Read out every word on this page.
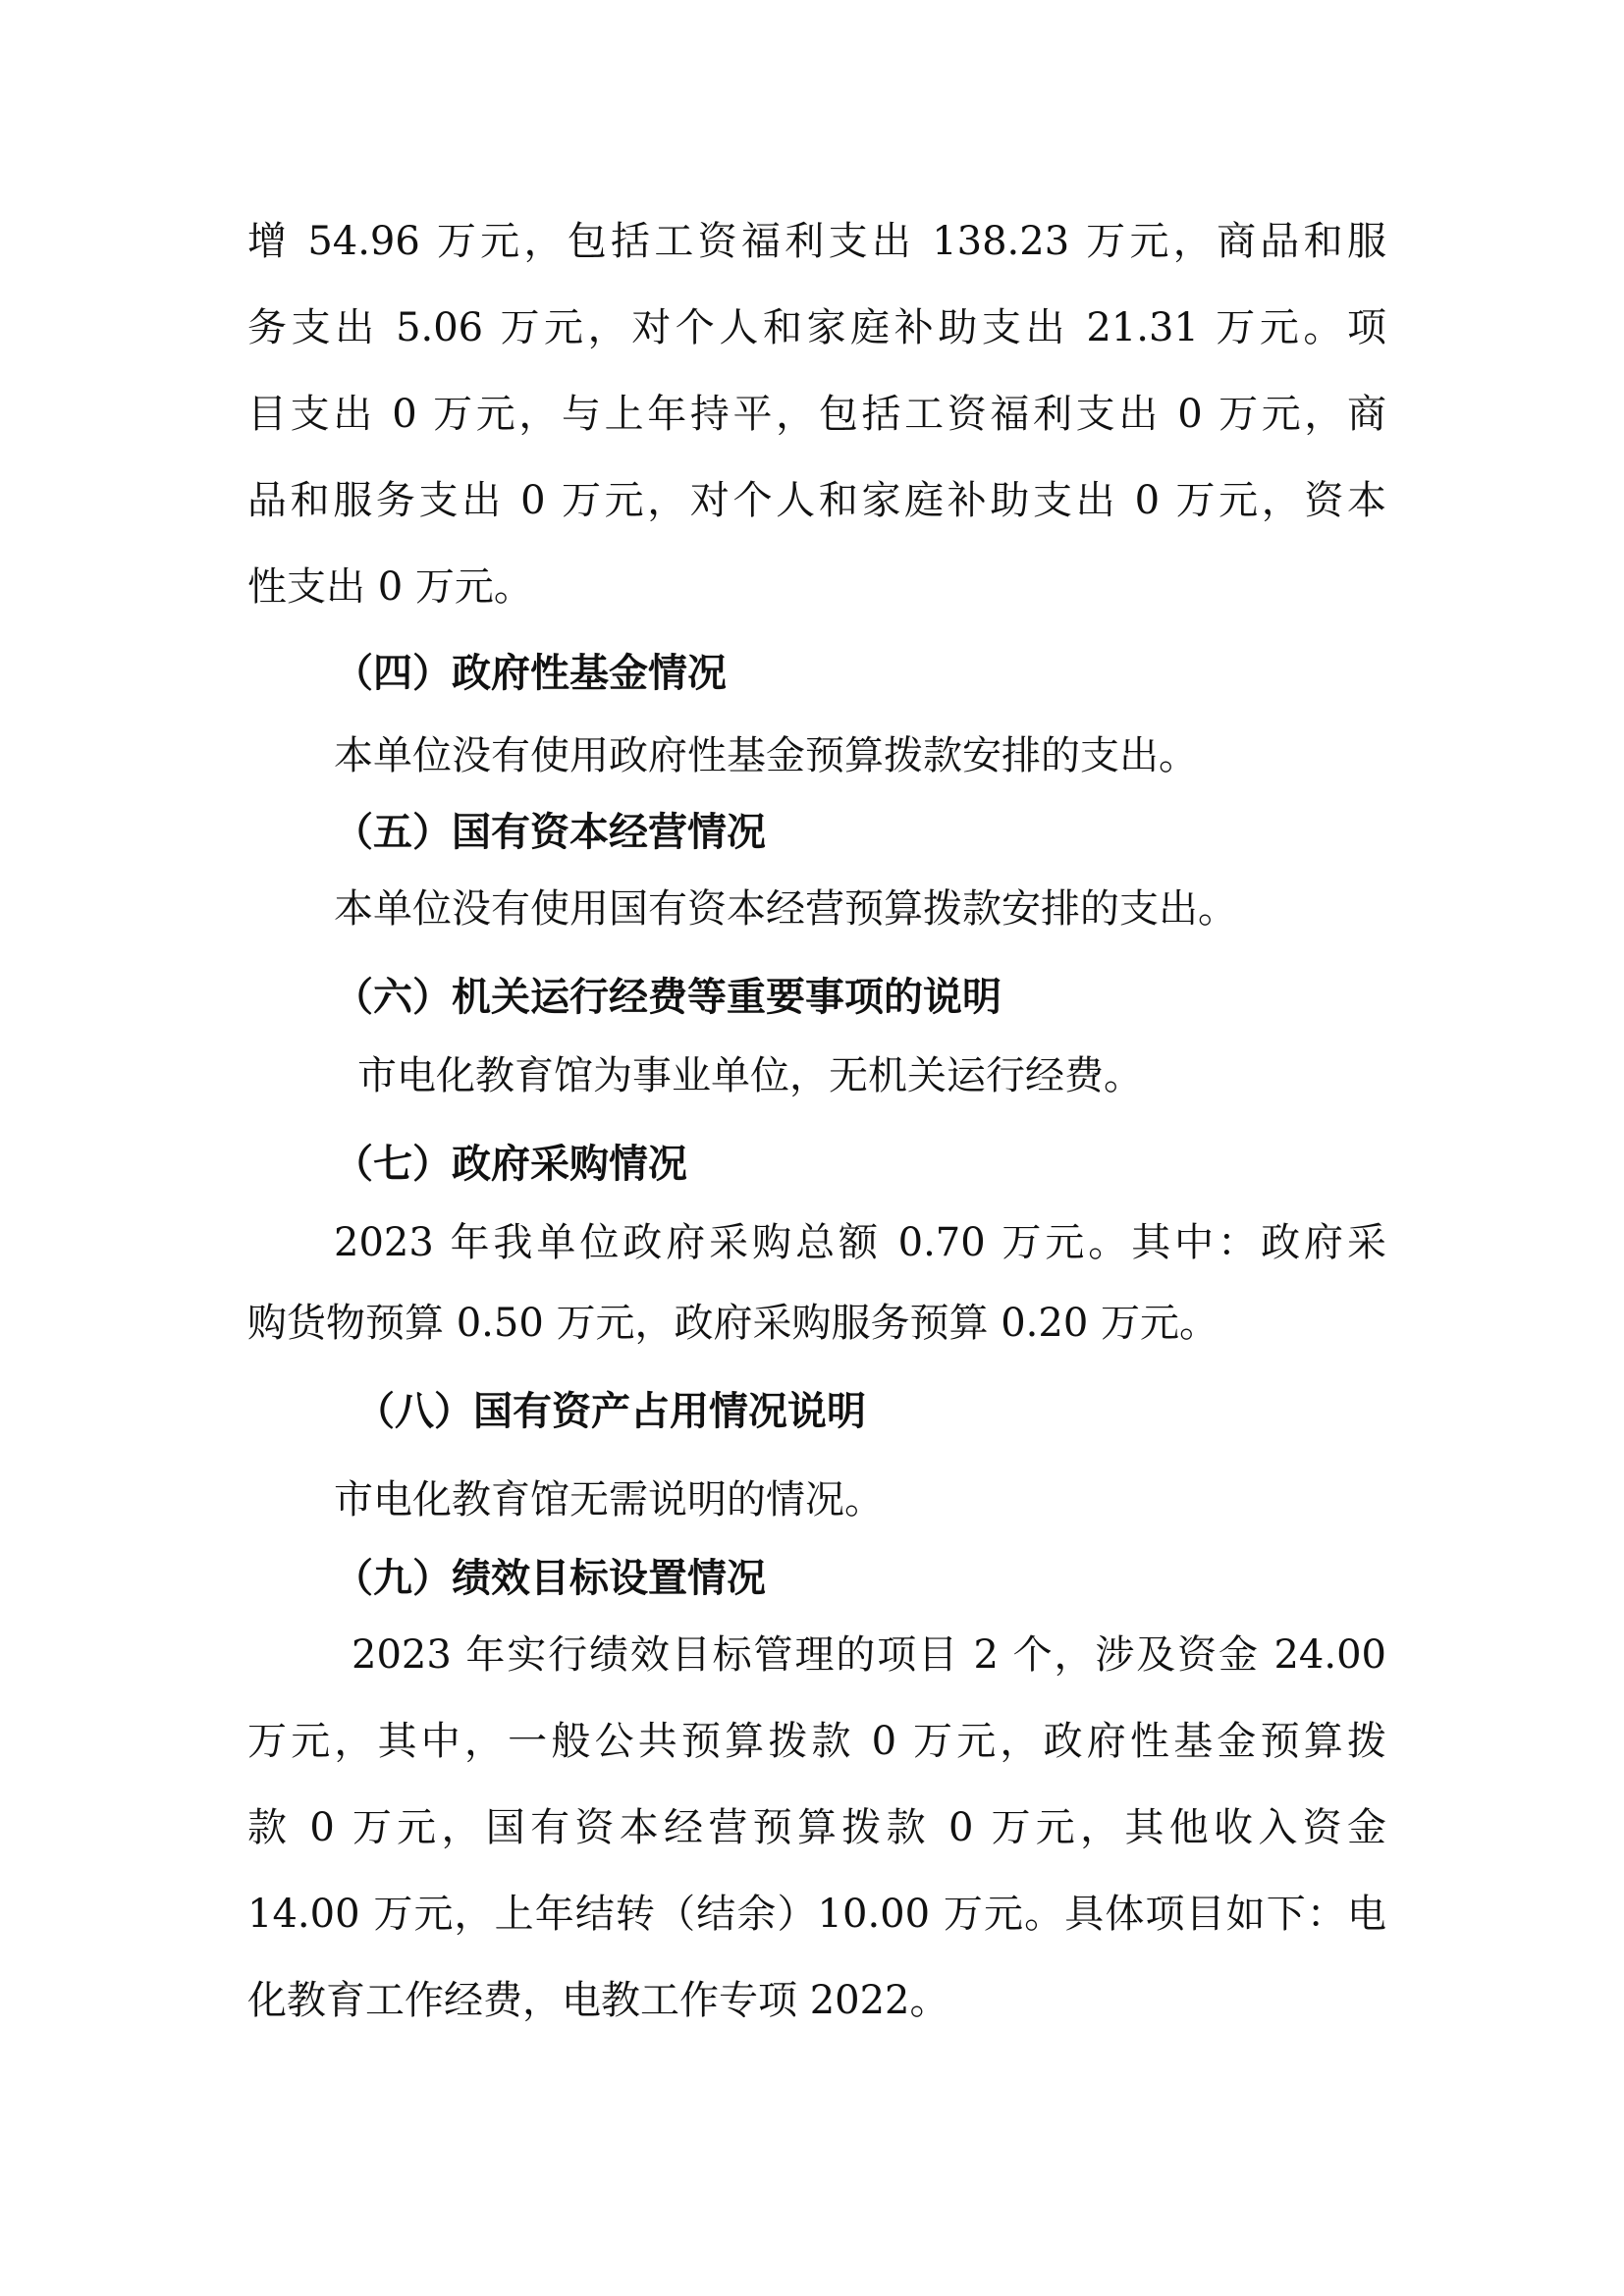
增 54.96 万元，包括工资福利支出 138.23 万元，商品和服
务支出 5.06 万元，对个人和家庭补助支出 21.31 万元。项
目支出 0 万元，与上年持平，包括工资福利支出 0 万元，商
品和服务支出 0 万元，对个人和家庭补助支出 0 万元，资本
性支出 0 万元。
（四）政府性基金情况
本单位没有使用政府性基金预算拨款安排的支出。
（五）国有资本经营情况
本单位没有使用国有资本经营预算拨款安排的支出。
（六）机关运行经费等重要事项的说明
市电化教育馆为事业单位，无机关运行经费。
（七）政府采购情况
2023 年我单位政府采购总额 0.70 万元。其中：政府采
购货物预算 0.50 万元，政府采购服务预算 0.20 万元。
（八）国有资产占用情况说明
市电化教育馆无需说明的情况。
（九）绩效目标设置情况
2023 年实行绩效目标管理的项目 2 个，涉及资金 24.00
万元，其中，一般公共预算拨款 0 万元，政府性基金预算拨
款 0 万元，国有资本经营预算拨款 0 万元，其他收入资金
14.00 万元，上年结转（结余）10.00 万元。具体项目如下：电
化教育工作经费，电教工作专项 2022。
